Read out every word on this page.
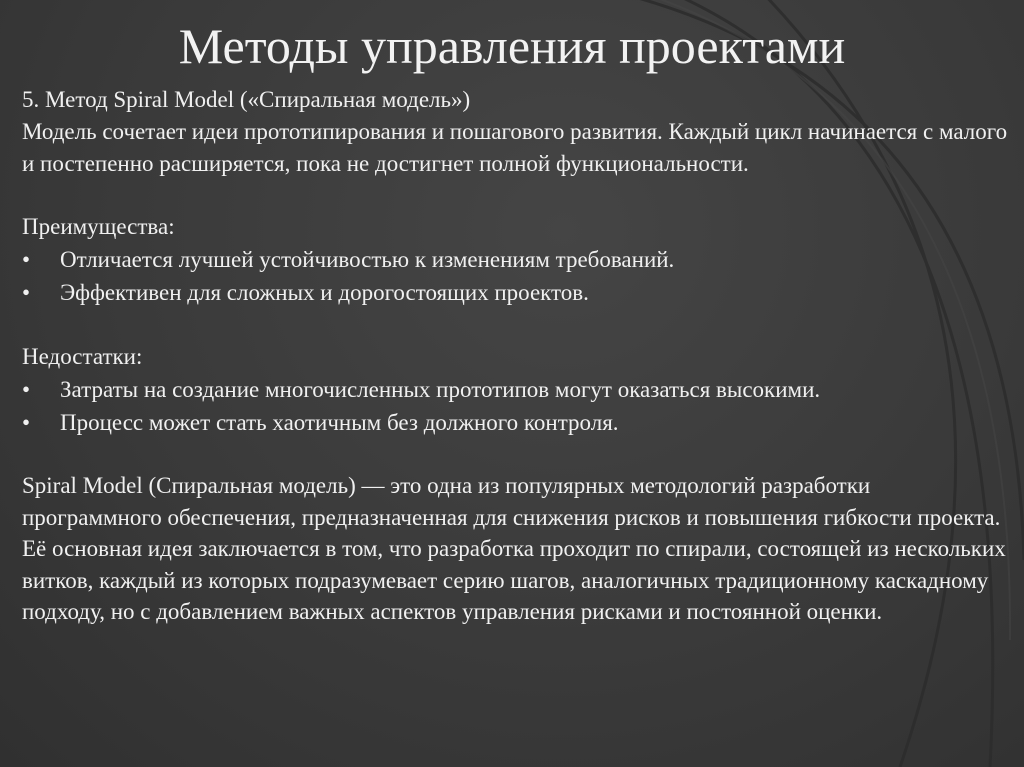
Методы управления проектами

5. Метод Spiral Model («Спиральная модель»)

Модель сочетает идеи прототипирования и пошагового развития. Каждый цикл начинается с малого и постепенно расширяется, пока не достигнет полной функциональности.

Преимущества:

•	Отличается лучшей устойчивостью к изменениям требований.
•	Эффективен для сложных и дорогостоящих проектов.

Недостатки:

•	Затраты на создание многочисленных прототипов могут оказаться высокими.
•	Процесс может стать хаотичным без должного контроля.

Spiral Model (Спиральная модель) — это одна из популярных методологий разработки программного обеспечения, предназначенная для снижения рисков и повышения гибкости проекта. Её основная идея заключается в том, что разработка проходит по спирали, состоящей из нескольких витков, каждый из которых подразумевает серию шагов, аналогичных традиционному каскадному подходу, но с добавлением важных аспектов управления рисками и постоянной оценки.
